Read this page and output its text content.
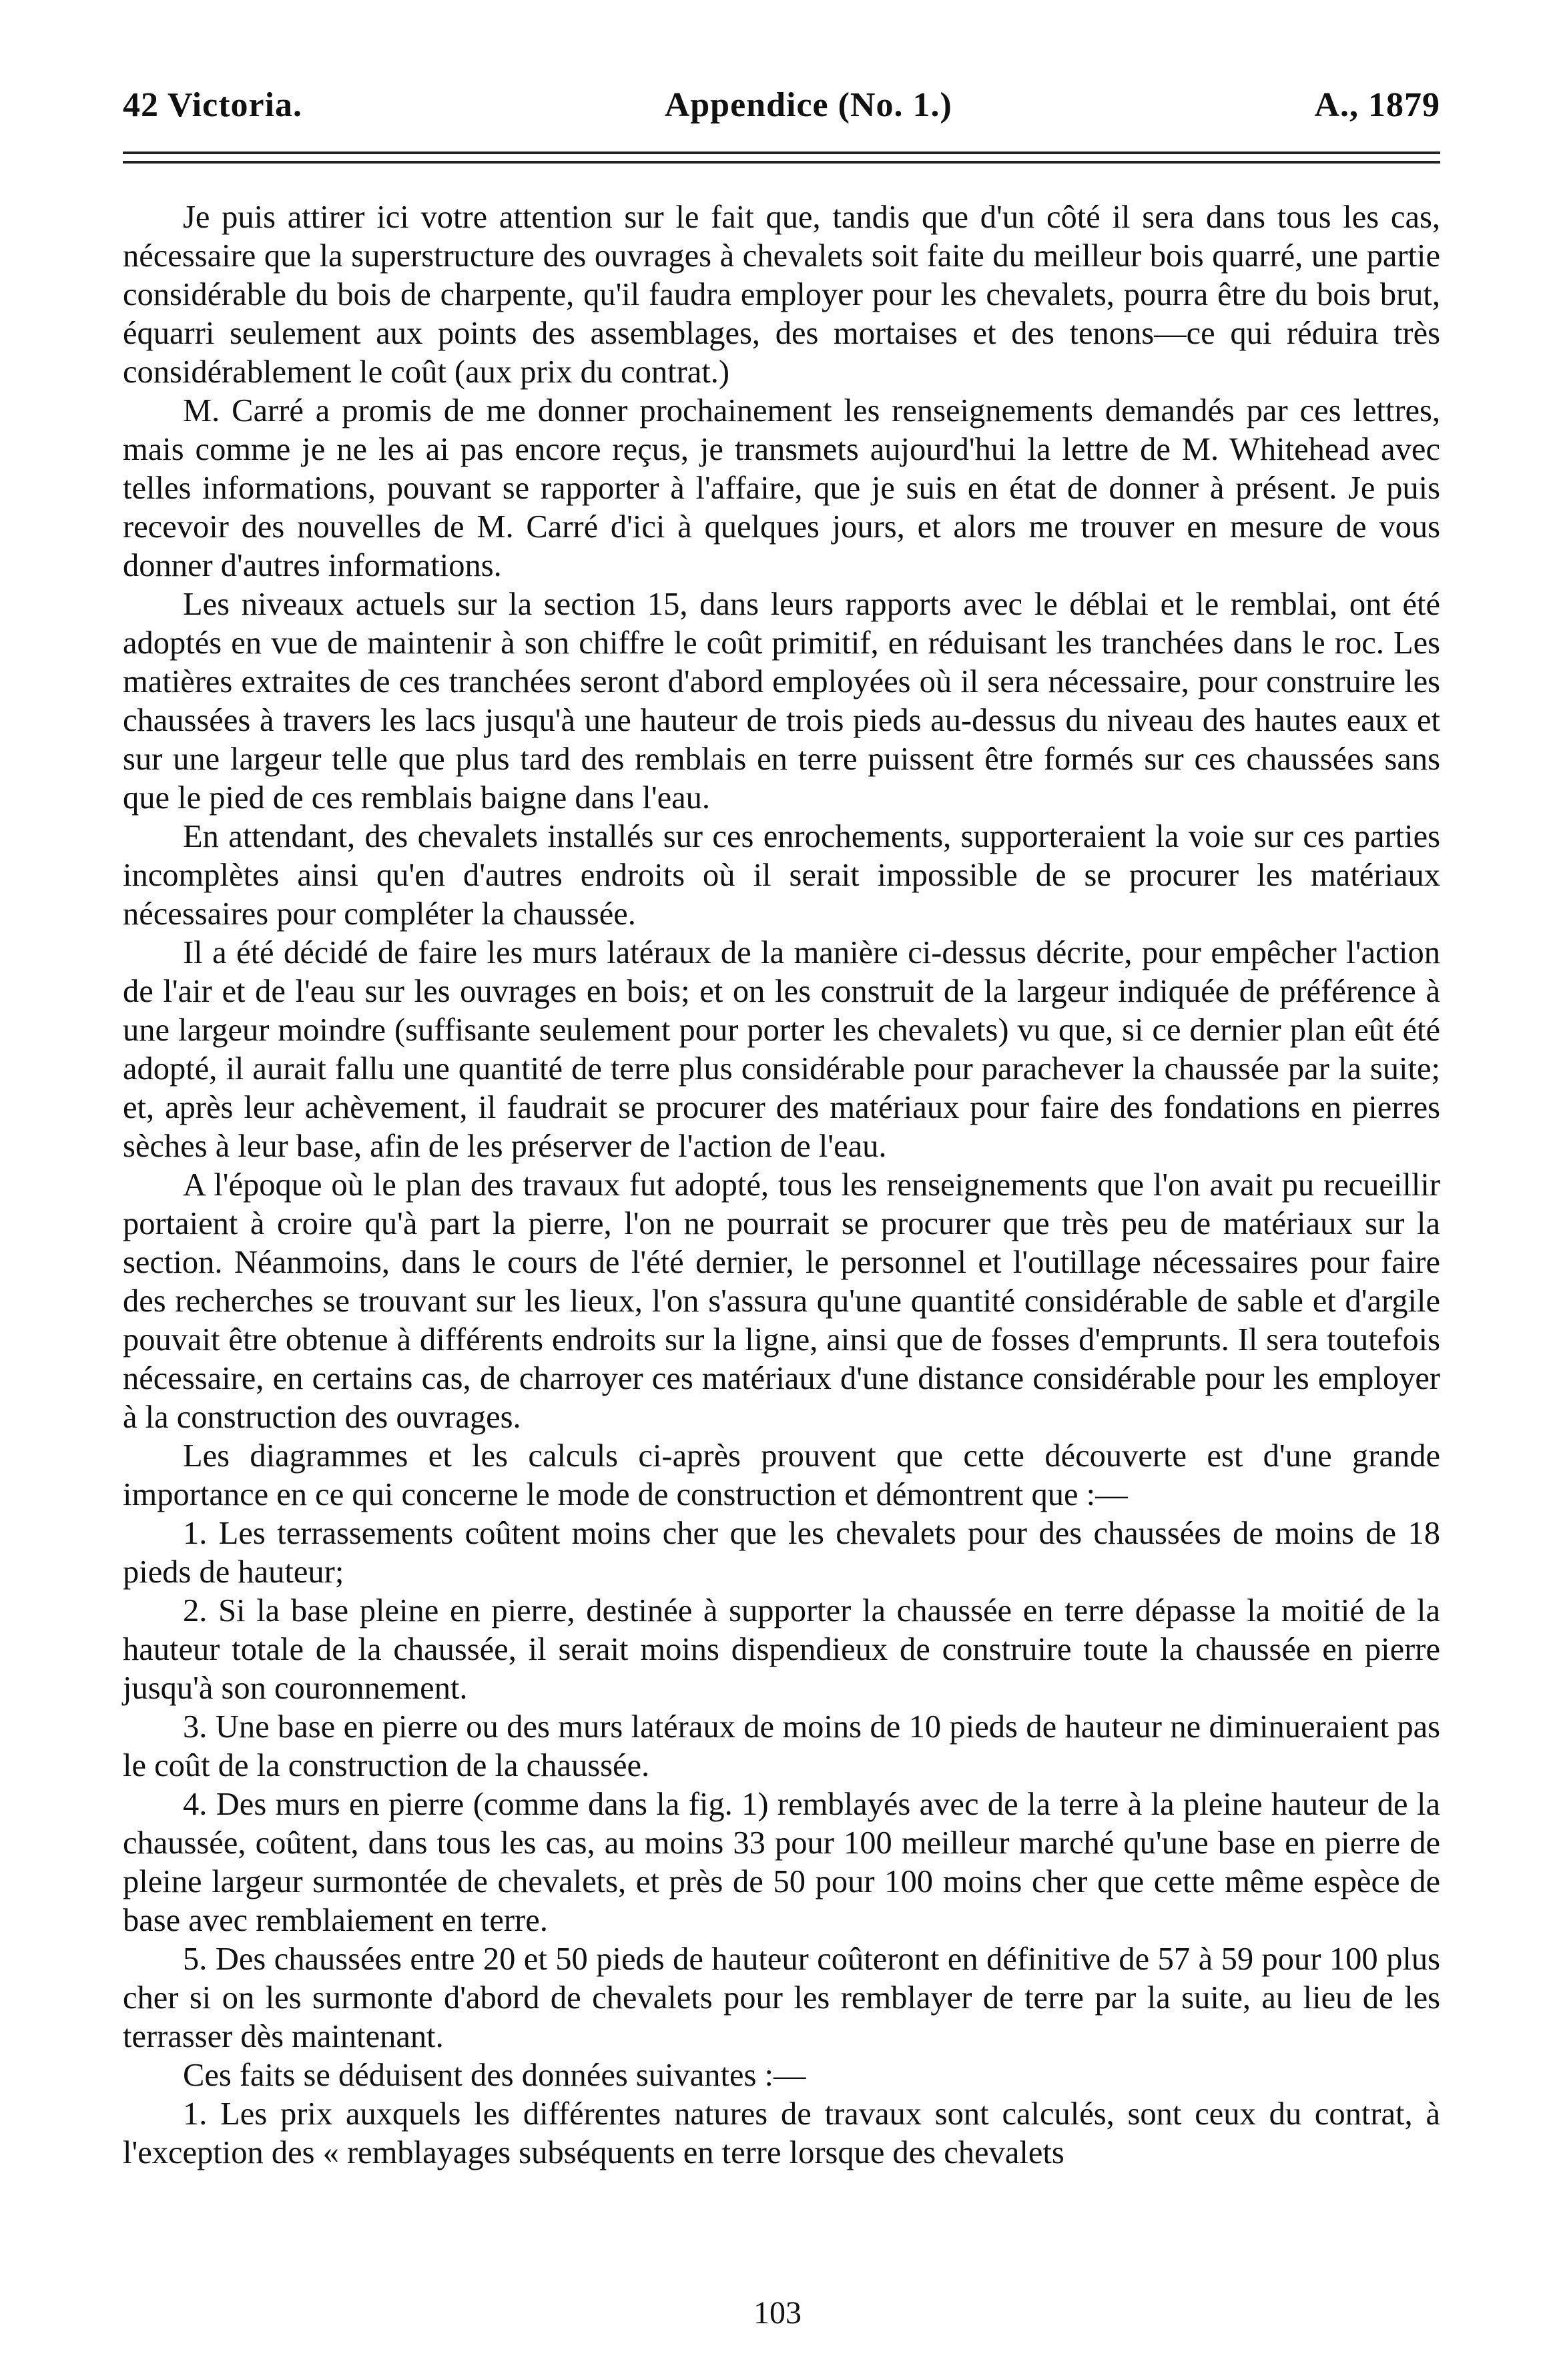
42 Victoria.	Appendice (No. 1.)	A., 1879

Je puis attirer ici votre attention sur le fait que, tandis que d'un côté il sera dans tous les cas, nécessaire que la superstructure des ouvrages à chevalets soit faite du meilleur bois quarré, une partie considérable du bois de charpente, qu'il faudra employer pour les chevalets, pourra être du bois brut, équarri seulement aux points des assemblages, des mortaises et des tenons—ce qui réduira très considérablement le coût (aux prix du contrat.)

M. Carré a promis de me donner prochainement les renseignements demandés par ces lettres, mais comme je ne les ai pas encore reçus, je transmets aujourd'hui la lettre de M. Whitehead avec telles informations, pouvant se rapporter à l'affaire, que je suis en état de donner à présent. Je puis recevoir des nouvelles de M. Carré d'ici à quelques jours, et alors me trouver en mesure de vous donner d'autres informations.

Les niveaux actuels sur la section 15, dans leurs rapports avec le déblai et le remblai, ont été adoptés en vue de maintenir à son chiffre le coût primitif, en réduisant les tranchées dans le roc. Les matières extraites de ces tranchées seront d'abord employées où il sera nécessaire, pour construire les chaussées à travers les lacs jusqu'à une hauteur de trois pieds au-dessus du niveau des hautes eaux et sur une largeur telle que plus tard des remblais en terre puissent être formés sur ces chaussées sans que le pied de ces remblais baigne dans l'eau.

En attendant, des chevalets installés sur ces enrochements, supporteraient la voie sur ces parties incomplètes ainsi qu'en d'autres endroits où il serait impossible de se procurer les matériaux nécessaires pour compléter la chaussée.

Il a été décidé de faire les murs latéraux de la manière ci-dessus décrite, pour empêcher l'action de l'air et de l'eau sur les ouvrages en bois; et on les construit de la largeur indiquée de préférence à une largeur moindre (suffisante seulement pour porter les chevalets) vu que, si ce dernier plan eût été adopté, il aurait fallu une quantité de terre plus considérable pour parachever la chaussée par la suite; et, après leur achèvement, il faudrait se procurer des matériaux pour faire des fondations en pierres sèches à leur base, afin de les préserver de l'action de l'eau.

A l'époque où le plan des travaux fut adopté, tous les renseignements que l'on avait pu recueillir portaient à croire qu'à part la pierre, l'on ne pourrait se procurer que très peu de matériaux sur la section. Néanmoins, dans le cours de l'été dernier, le personnel et l'outillage nécessaires pour faire des recherches se trouvant sur les lieux, l'on s'assura qu'une quantité considérable de sable et d'argile pouvait être obtenue à différents endroits sur la ligne, ainsi que de fosses d'emprunts. Il sera toutefois nécessaire, en certains cas, de charroyer ces matériaux d'une distance considérable pour les employer à la construction des ouvrages.

Les diagrammes et les calculs ci-après prouvent que cette découverte est d'une grande importance en ce qui concerne le mode de construction et démontrent que :—

1. Les terrassements coûtent moins cher que les chevalets pour des chaussées de moins de 18 pieds de hauteur;

2. Si la base pleine en pierre, destinée à supporter la chaussée en terre dépasse la moitié de la hauteur totale de la chaussée, il serait moins dispendieux de construire toute la chaussée en pierre jusqu'à son couronnement.

3. Une base en pierre ou des murs latéraux de moins de 10 pieds de hauteur ne diminueraient pas le coût de la construction de la chaussée.

4. Des murs en pierre (comme dans la fig. 1) remblayés avec de la terre à la pleine hauteur de la chaussée, coûtent, dans tous les cas, au moins 33 pour 100 meilleur marché qu'une base en pierre de pleine largeur surmontée de chevalets, et près de 50 pour 100 moins cher que cette même espèce de base avec remblaiement en terre.

5. Des chaussées entre 20 et 50 pieds de hauteur coûteront en définitive de 57 à 59 pour 100 plus cher si on les surmonte d'abord de chevalets pour les remblayer de terre par la suite, au lieu de les terrasser dès maintenant.

Ces faits se déduisent des données suivantes :—

1. Les prix auxquels les différentes natures de travaux sont calculés, sont ceux du contrat, à l'exception des « remblayages subséquents en terre lorsque des chevalets

103
